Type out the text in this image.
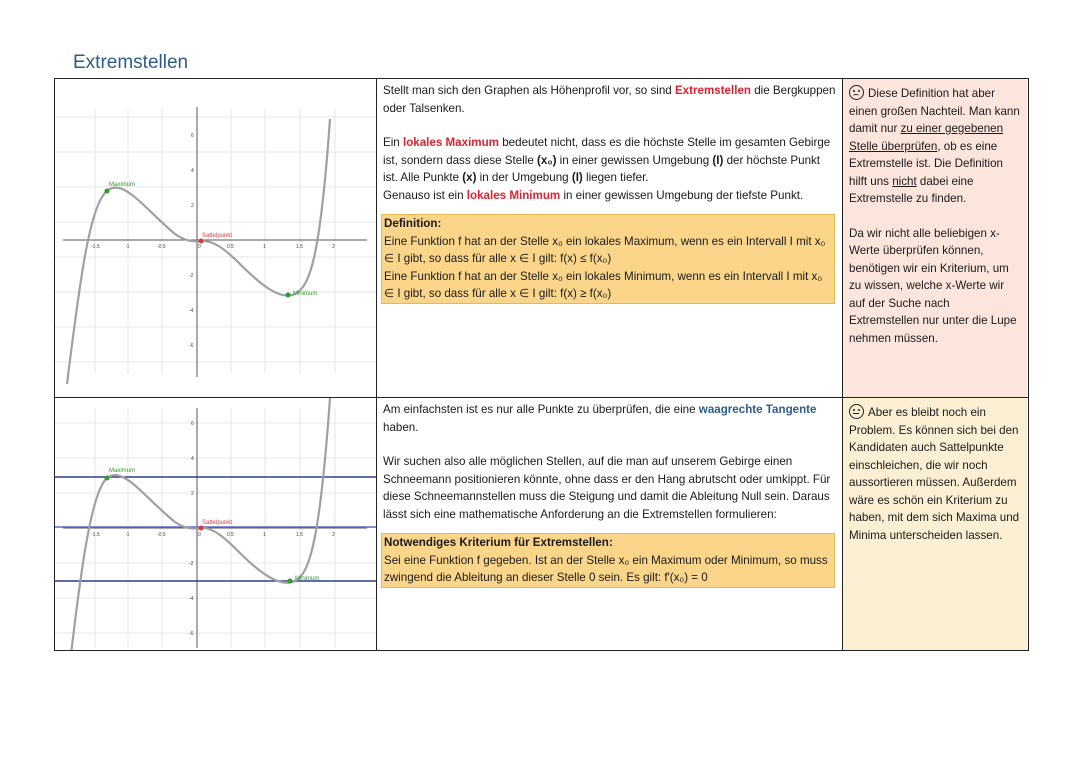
Extremstellen
Maximum
Sattelpunkt
Minimum
-1.5	-1	-0.5	0	0.5	1	1.5	2
6
4
2
-2
-4
-6

Stellt man sich den Graphen als Höhenprofil vor, so sind Extremstellen die Bergkuppen oder Talsenken.

Ein lokales Maximum bedeutet nicht, dass es die höchste Stelle im gesamten Gebirge ist, sondern dass diese Stelle (x₀) in einer gewissen Umgebung (I) der höchste Punkt ist. Alle Punkte (x) in der Umgebung (I) liegen tiefer.

Genauso ist ein lokales Minimum in einer gewissen Umgebung der tiefste Punkt.

Definition:
Eine Funktion f hat an der Stelle x₀ ein lokales Maximum, wenn es ein Intervall I mit x₀ ∈ I gibt, so dass für alle x ∈ I gilt: f(x) ≤ f(x₀)
Eine Funktion f hat an der Stelle x₀ ein lokales Minimum, wenn es ein Intervall I mit x₀ ∈ I gibt, so dass für alle x ∈ I gilt: f(x) ≥ f(x₀)

Diese Definition hat aber einen großen Nachteil. Man kann damit nur zu einer gegebenen Stelle überprüfen, ob es eine Extremstelle ist. Die Definition hilft uns nicht dabei eine Extremstelle zu finden.

Da wir nicht alle beliebigen x-Werte überprüfen können, benötigen wir ein Kriterium, um zu wissen, welche x-Werte wir auf der Suche nach Extremstellen nur unter die Lupe nehmen müssen.

Maximum
Sattelpunkt
Minimum
-1.5	-1	-0.5	0	0.5	1	1.5	2
6
4
2
-2
-4
-6

Am einfachsten ist es nur alle Punkte zu überprüfen, die eine waagrechte Tangente haben.

Wir suchen also alle möglichen Stellen, auf die man auf unserem Gebirge einen Schneemann positionieren könnte, ohne dass er den Hang abrutscht oder umkippt. Für diese Schneemannstellen muss die Steigung und damit die Ableitung Null sein. Daraus lässt sich eine mathematische Anforderung an die Extremstellen formulieren:

Notwendiges Kriterium für Extremstellen:
Sei eine Funktion f gegeben. Ist an der Stelle x₀ ein Maximum oder Minimum, so muss zwingend die Ableitung an dieser Stelle 0 sein. Es gilt: f′(x₀) = 0

Aber es bleibt noch ein Problem. Es können sich bei den Kandidaten auch Sattelpunkte einschleichen, die wir noch aussortieren müssen. Außerdem wäre es schön ein Kriterium zu haben, mit dem sich Maxima und Minima unterscheiden lassen.
